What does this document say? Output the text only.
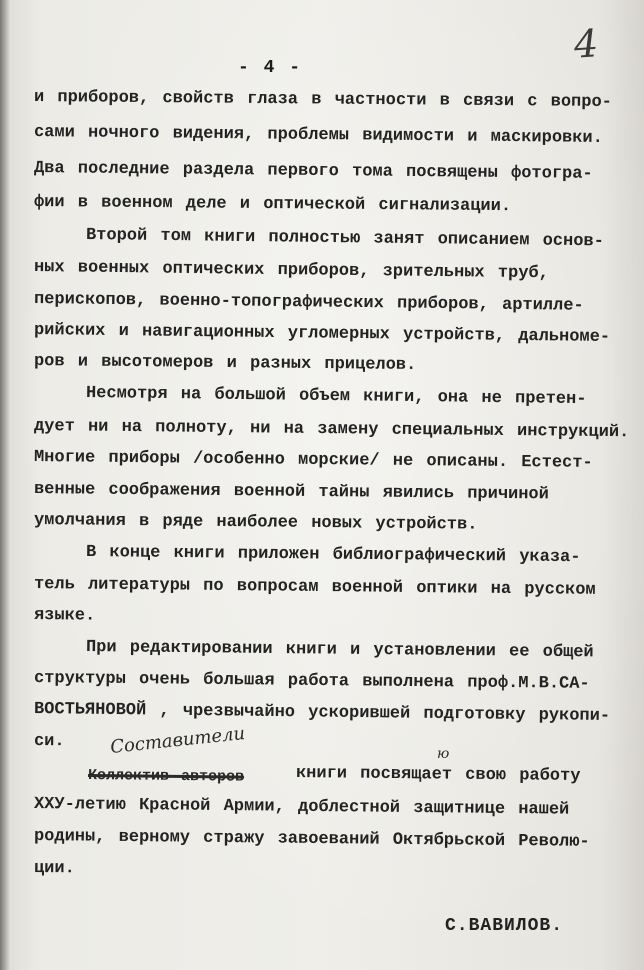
4
- 4 -
и приборов, свойств глаза в частности в связи с вопро-
сами ночного видения, проблемы видимости и маскировки.
Два последние раздела первого тома посвящены фотогра-
фии в военном деле и оптической сигнализации.
Второй том книги полностью занят описанием основ-
ных военных оптических приборов, зрительных труб,
перископов, военно-топографических приборов, артилле-
рийских и навигационных угломерных устройств, дальноме-
ров и высотомеров и разных прицелов.
Несмотря на большой объем книги, она не претен-
дует ни на полноту, ни на замену специальных инструкций.
Многие приборы /особенно морские/ не описаны. Естест-
венные соображения военной тайны явились причиной
умолчания в ряде наиболее новых устройств.
В конце книги приложен библиографический указа-
тель литературы по вопросам военной оптики на русском
языке.
При редактировании книги и установлении ее общей
структуры очень большая работа выполнена проф.М.В.СА-
ВОСТЬЯНОВОЙ , чрезвычайно ускорившей подготовку рукопи-
си. Составители	ю
Коллектив авторов	книги посвящает свою работу
XXУ-летию Красной Армии, доблестной защитнице нашей
родины, верному стражу завоеваний Октябрьской Револю-
ции.
С.ВАВИЛОВ.
